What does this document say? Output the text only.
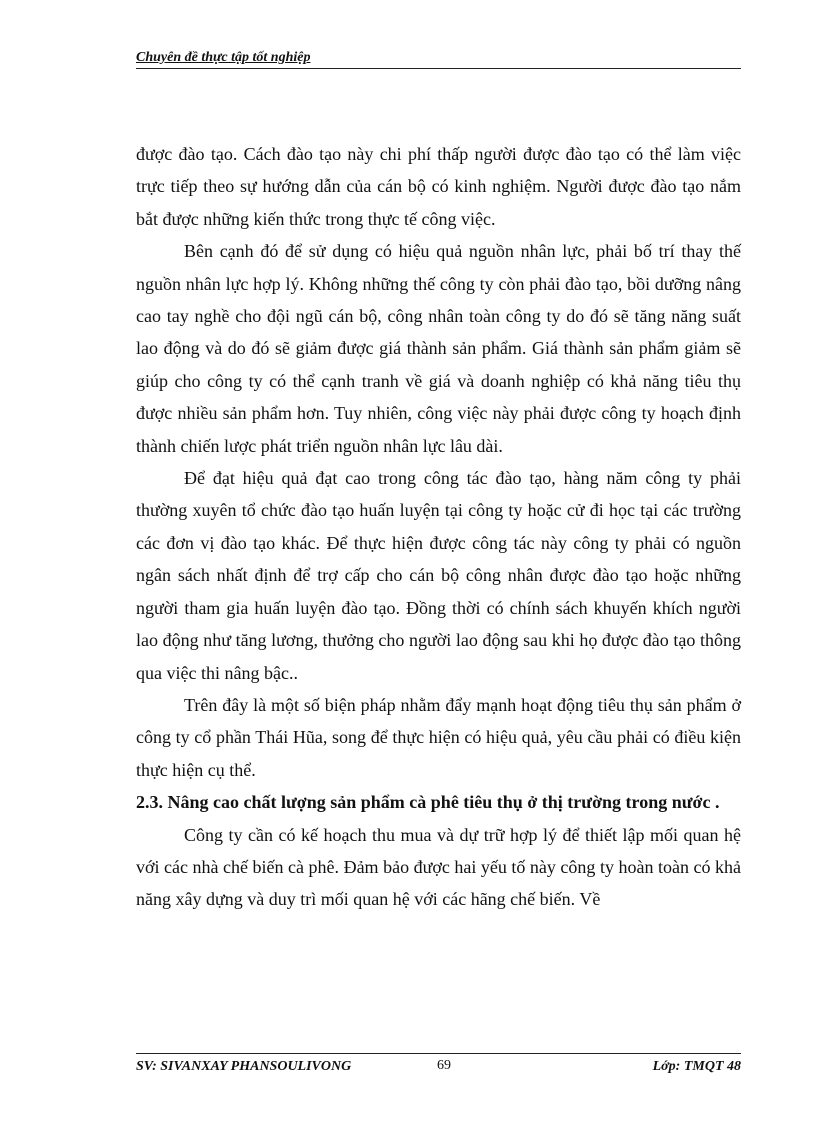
Chuyên đề thực tập tốt nghiệp

được đào tạo. Cách đào tạo này chi phí thấp người được đào tạo có thể làm việc trực tiếp theo sự hướng dẫn của cán bộ có kinh nghiệm. Người được đào tạo nắm bắt được những kiến thức trong thực tế công việc.

Bên cạnh đó để sử dụng có hiệu quả nguồn nhân lực, phải bố trí thay thế nguồn nhân lực hợp lý. Không những thế công ty còn phải đào tạo, bồi dưỡng nâng cao tay nghề cho đội ngũ cán bộ, công nhân toàn công ty do đó sẽ tăng năng suất lao động và do đó sẽ giảm được giá thành sản phẩm. Giá thành sản phẩm giảm sẽ giúp cho công ty có thể cạnh tranh về giá và doanh nghiệp có khả năng tiêu thụ được nhiều sản phẩm hơn. Tuy nhiên, công việc này phải được công ty hoạch định thành chiến lược phát triển nguồn nhân lực lâu dài.

Để đạt hiệu quả đạt cao trong công tác đào tạo, hàng năm công ty phải thường xuyên tổ chức đào tạo huấn luyện tại công ty hoặc cử đi học tại các trường các đơn vị đào tạo khác. Để thực hiện được công tác này công ty phải có nguồn ngân sách nhất định để trợ cấp cho cán bộ công nhân được đào tạo hoặc những người tham gia huấn luyện đào tạo. Đồng thời có chính sách khuyến khích người lao động như tăng lương, thưởng cho người lao động sau khi họ được đào tạo thông qua việc thi nâng bậc..

Trên đây là một số biện pháp nhằm đẩy mạnh hoạt động tiêu thụ sản phẩm ở công ty cổ phần Thái Hũa, song để thực hiện có hiệu quả, yêu cầu phải có điều kiện thực hiện cụ thể.

2.3. Nâng cao chất lượng sản phẩm cà phê tiêu thụ ở thị trường trong nước .

Công ty cần có kế hoạch thu mua và dự trữ hợp lý để thiết lập mối quan hệ với các nhà chế biến cà phê. Đảm bảo được hai yếu tố này công ty hoàn toàn có khả năng xây dựng và duy trì mối quan hệ với các hãng chế biến. Về

SV: SIVANXAY PHANSOULIVONG	69	Lớp: TMQT 48
